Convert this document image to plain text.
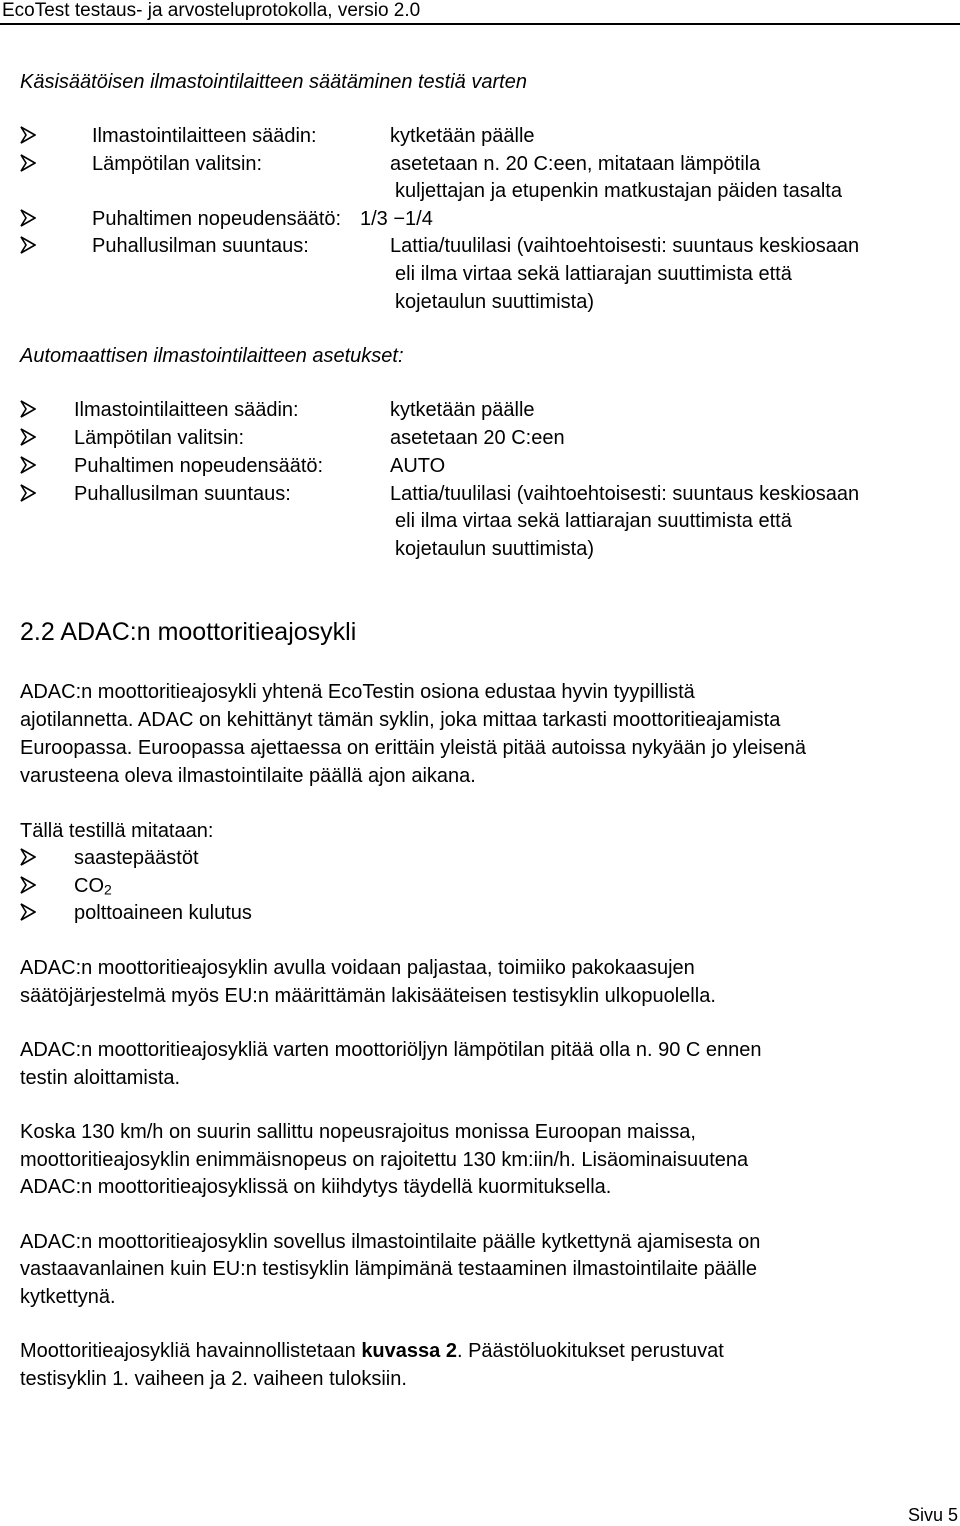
EcoTest testaus- ja arvosteluprotokolla, versio 2.0
Käsisäätöisen ilmastointilaitteen säätäminen testiä varten
Ilmastointilaitteen säädin:	kytketään päälle
Lämpötilan valitsin:	asetetaan n. 20 C:een, mitataan lämpötila
kuljettajan ja etupenkin matkustajan päiden tasalta
Puhaltimen nopeudensäätö: 1/3 −1/4
Puhallusilman suuntaus:	Lattia/tuulilasi (vaihtoehtoisesti: suuntaus keskiosaan
eli ilma virtaa sekä lattiarajan suuttimista että
kojetaulun suuttimista)
Automaattisen ilmastointilaitteen asetukset:
Ilmastointilaitteen säädin:	kytketään päälle
Lämpötilan valitsin:	asetetaan 20 C:een
Puhaltimen nopeudensäätö:	AUTO
Puhallusilman suuntaus:	Lattia/tuulilasi (vaihtoehtoisesti: suuntaus keskiosaan
eli ilma virtaa sekä lattiarajan suuttimista että
kojetaulun suuttimista)
2.2 ADAC:n moottoritieajosykli
ADAC:n moottoritieajosykli yhtenä EcoTestin osiona edustaa hyvin tyypillistä
ajotilannetta. ADAC on kehittänyt tämän syklin, joka mittaa tarkasti moottoritieajamista
Euroopassa. Euroopassa ajettaessa on erittäin yleistä pitää autoissa nykyään jo yleisenä
varusteena oleva ilmastointilaite päällä ajon aikana.
Tällä testillä mitataan:
saastepäästöt
$CO_2$
polttoaineen kulutus
ADAC:n moottoritieajosyklin avulla voidaan paljastaa, toimiiko pakokaasujen
säätöjärjestelmä myös EU:n määrittämän lakisääteisen testisyklin ulkopuolella.
ADAC:n moottoritieajosykliä varten moottoriöljyn lämpötilan pitää olla n. 90 C ennen
testin aloittamista.
Koska 130 km/h on suurin sallittu nopeusrajoitus monissa Euroopan maissa,
moottoritieajosyklin enimmäisnopeus on rajoitettu 130 km:iin/h. Lisäominaisuutena
ADAC:n moottoritieajosyklissä on kiihdytys täydellä kuormituksella.
ADAC:n moottoritieajosyklin sovellus ilmastointilaite päälle kytkettynä ajamisesta on
vastaavanlainen kuin EU:n testisyklin lämpimänä testaaminen ilmastointilaite päälle
kytkettynä.
Moottoritieajosykliä havainnollistetaan kuvassa 2. Päästöluokitukset perustuvat
testisyklin 1. vaiheen ja 2. vaiheen tuloksiin.
Sivu 5
